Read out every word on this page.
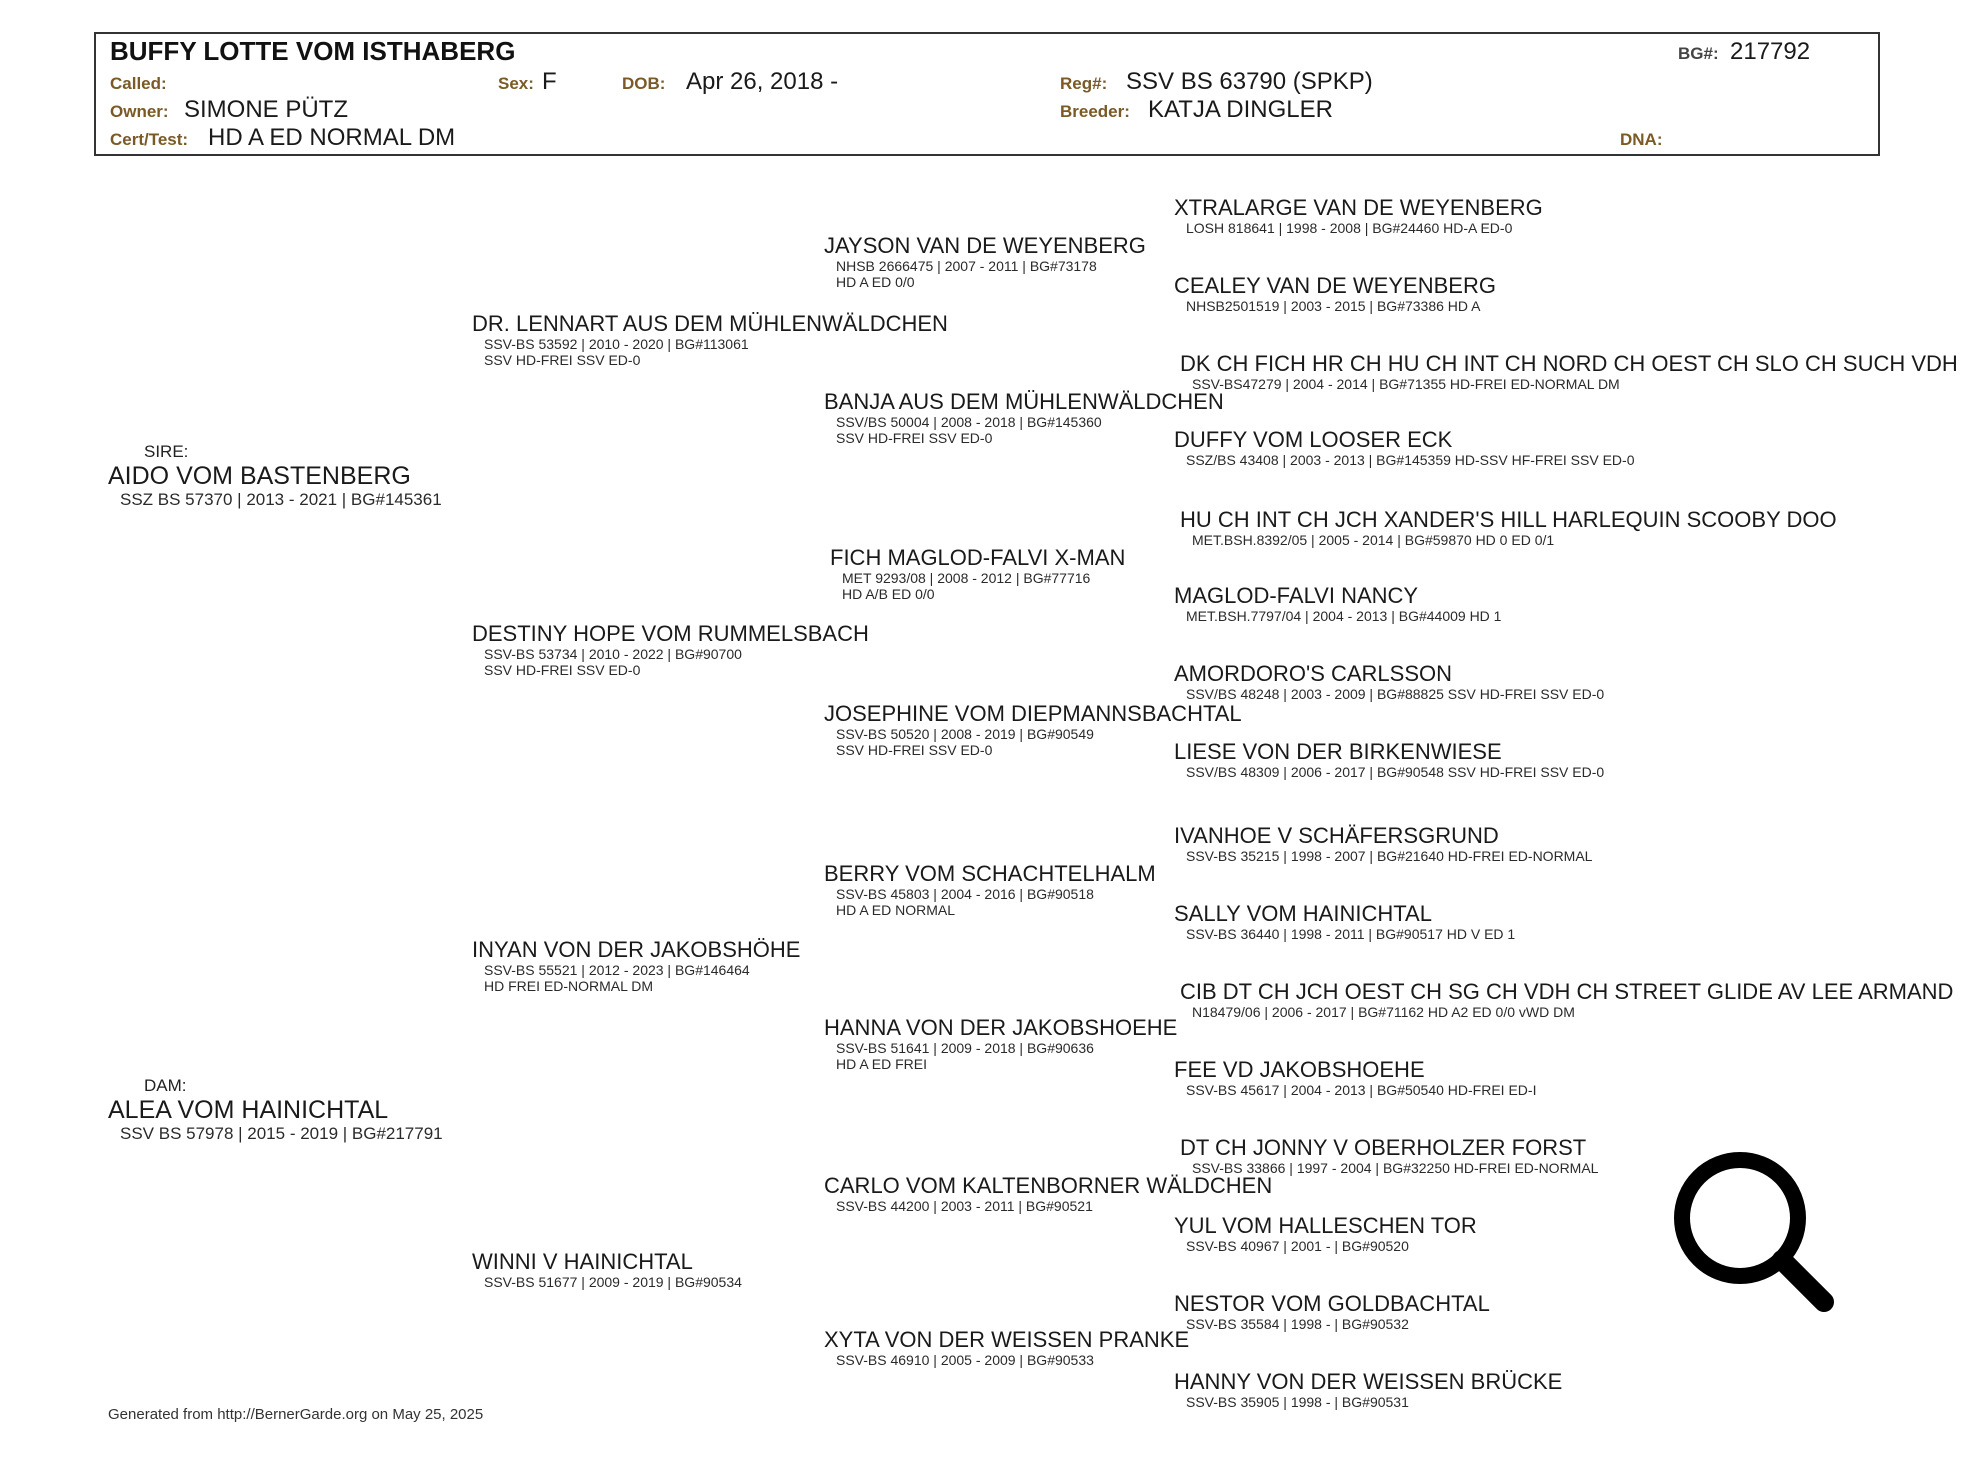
BUFFY LOTTE VOM ISTHABERG	BG#: 217792
Called:	Sex: F	DOB: Apr 26, 2018 -	Reg#: SSV BS 63790 (SPKP)
Owner: SIMONE PÜTZ	Breeder: KATJA DINGLER
Cert/Test: HD A ED NORMAL DM	DNA:
SIRE:
AIDO VOM BASTENBERG
SSZ BS 57370 | 2013 - 2021 | BG#145361
DAM:
ALEA VOM HAINICHTAL
SSV BS 57978 | 2015 - 2019 | BG#217791
DR. LENNART AUS DEM MÜHLENWÄLDCHEN
SSV-BS 53592 | 2010 - 2020 | BG#113061
SSV HD-FREI SSV ED-0
DESTINY HOPE VOM RUMMELSBACH
SSV-BS 53734 | 2010 - 2022 | BG#90700
SSV HD-FREI SSV ED-0
INYAN VON DER JAKOBSHÖHE
SSV-BS 55521 | 2012 - 2023 | BG#146464
HD FREI ED-NORMAL DM
WINNI V HAINICHTAL
SSV-BS 51677 | 2009 - 2019 | BG#90534
JAYSON VAN DE WEYENBERG
NHSB 2666475 | 2007 - 2011 | BG#73178
HD A ED 0/0
BANJA AUS DEM MÜHLENWÄLDCHEN
SSV/BS 50004 | 2008 - 2018 | BG#145360
SSV HD-FREI SSV ED-0
FICH MAGLOD-FALVI X-MAN
MET 9293/08 | 2008 - 2012 | BG#77716
HD A/B ED 0/0
JOSEPHINE VOM DIEPMANNSBACHTAL
SSV-BS 50520 | 2008 - 2019 | BG#90549
SSV HD-FREI SSV ED-0
BERRY VOM SCHACHTELHALM
SSV-BS 45803 | 2004 - 2016 | BG#90518
HD A ED NORMAL
HANNA VON DER JAKOBSHOEHE
SSV-BS 51641 | 2009 - 2018 | BG#90636
HD A ED FREI
CARLO VOM KALTENBORNER WÄLDCHEN
SSV-BS 44200 | 2003 - 2011 | BG#90521
XYTA VON DER WEISSEN PRANKE
SSV-BS 46910 | 2005 - 2009 | BG#90533
XTRALARGE VAN DE WEYENBERG
LOSH 818641 | 1998 - 2008 | BG#24460 HD-A ED-0
CEALEY VAN DE WEYENBERG
NHSB2501519 | 2003 - 2015 | BG#73386 HD A
DK CH FICH HR CH HU CH INT CH NORD CH OEST CH SLO CH SUCH VDH
SSV-BS47279 | 2004 - 2014 | BG#71355 HD-FREI ED-NORMAL DM
DUFFY VOM LOOSER ECK
SSZ/BS 43408 | 2003 - 2013 | BG#145359 HD-SSV HF-FREI SSV ED-0
HU CH INT CH JCH XANDER'S HILL HARLEQUIN SCOOBY DOO
MET.BSH.8392/05 | 2005 - 2014 | BG#59870 HD 0 ED 0/1
MAGLOD-FALVI NANCY
MET.BSH.7797/04 | 2004 - 2013 | BG#44009 HD 1
AMORDORO'S CARLSSON
SSV/BS 48248 | 2003 - 2009 | BG#88825 SSV HD-FREI SSV ED-0
LIESE VON DER BIRKENWIESE
SSV/BS 48309 | 2006 - 2017 | BG#90548 SSV HD-FREI SSV ED-0
IVANHOE V SCHÄFERSGRUND
SSV-BS 35215 | 1998 - 2007 | BG#21640 HD-FREI ED-NORMAL
SALLY VOM HAINICHTAL
SSV-BS 36440 | 1998 - 2011 | BG#90517 HD V ED 1
CIB DT CH JCH OEST CH SG CH VDH CH STREET GLIDE AV LEE ARMAND
N18479/06 | 2006 - 2017 | BG#71162 HD A2 ED 0/0 vWD DM
FEE VD JAKOBSHOEHE
SSV-BS 45617 | 2004 - 2013 | BG#50540 HD-FREI ED-I
DT CH JONNY V OBERHOLZER FORST
SSV-BS 33866 | 1997 - 2004 | BG#32250 HD-FREI ED-NORMAL
YUL VOM HALLESCHEN TOR
SSV-BS 40967 | 2001 - | BG#90520
NESTOR VOM GOLDBACHTAL
SSV-BS 35584 | 1998 - | BG#90532
HANNY VON DER WEISSEN BRÜCKE
SSV-BS 35905 | 1998 - | BG#90531
Generated from http://BernerGarde.org on May 25, 2025
